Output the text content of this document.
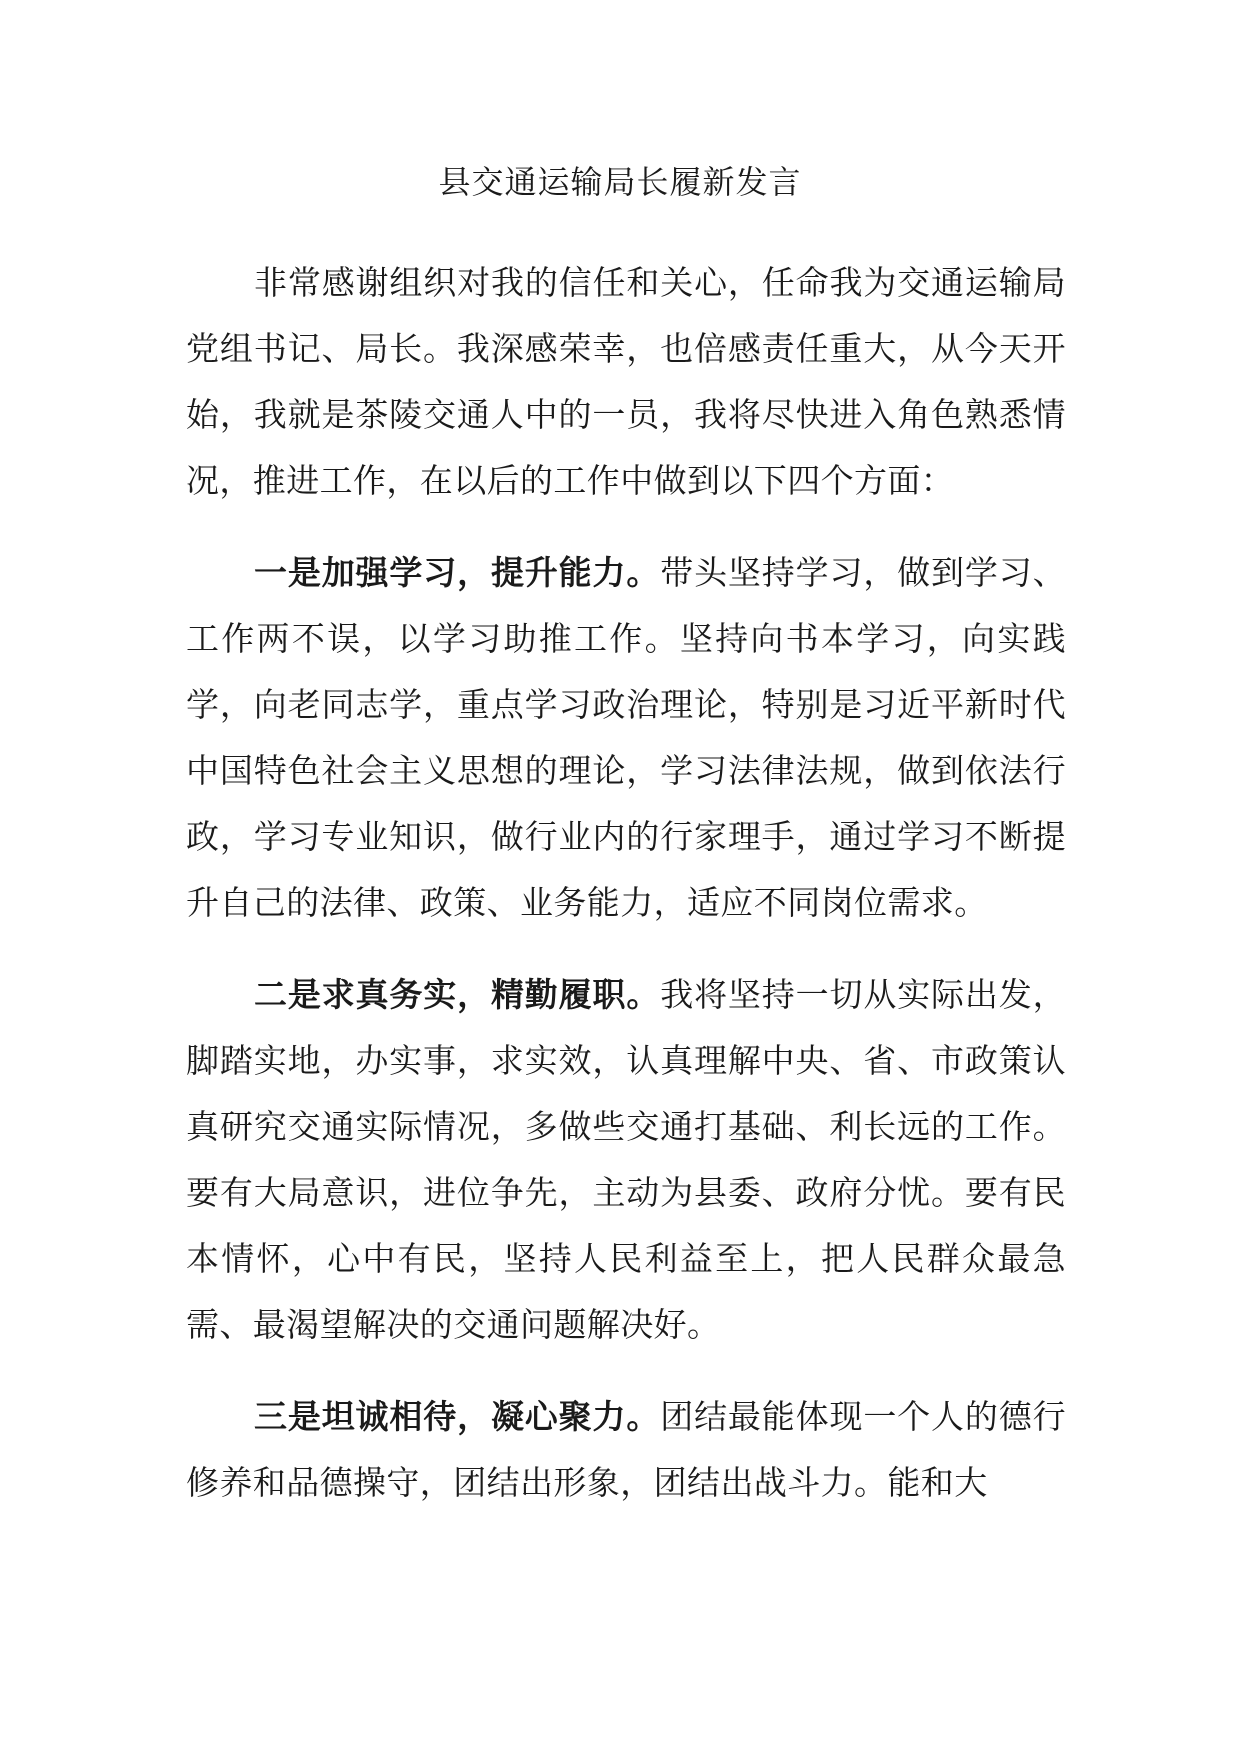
县交通运输局长履新发言

非常感谢组织对我的信任和关心，任命我为交通运输局党组书记、局长。我深感荣幸，也倍感责任重大，从今天开始，我就是茶陵交通人中的一员，我将尽快进入角色熟悉情况，推进工作，在以后的工作中做到以下四个方面：

一是加强学习，提升能力。带头坚持学习，做到学习、工作两不误，以学习助推工作。坚持向书本学习，向实践学，向老同志学，重点学习政治理论，特别是习近平新时代中国特色社会主义思想的理论，学习法律法规，做到依法行政，学习专业知识，做行业内的行家理手，通过学习不断提升自己的法律、政策、业务能力，适应不同岗位需求。

二是求真务实，精勤履职。我将坚持一切从实际出发，脚踏实地，办实事，求实效，认真理解中央、省、市政策认真研究交通实际情况，多做些交通打基础、利长远的工作。要有大局意识，进位争先，主动为县委、政府分忧。要有民本情怀，心中有民，坚持人民利益至上，把人民群众最急需、最渴望解决的交通问题解决好。

三是坦诚相待，凝心聚力。团结最能体现一个人的德行修养和品德操守，团结出形象，团结出战斗力。能和大
